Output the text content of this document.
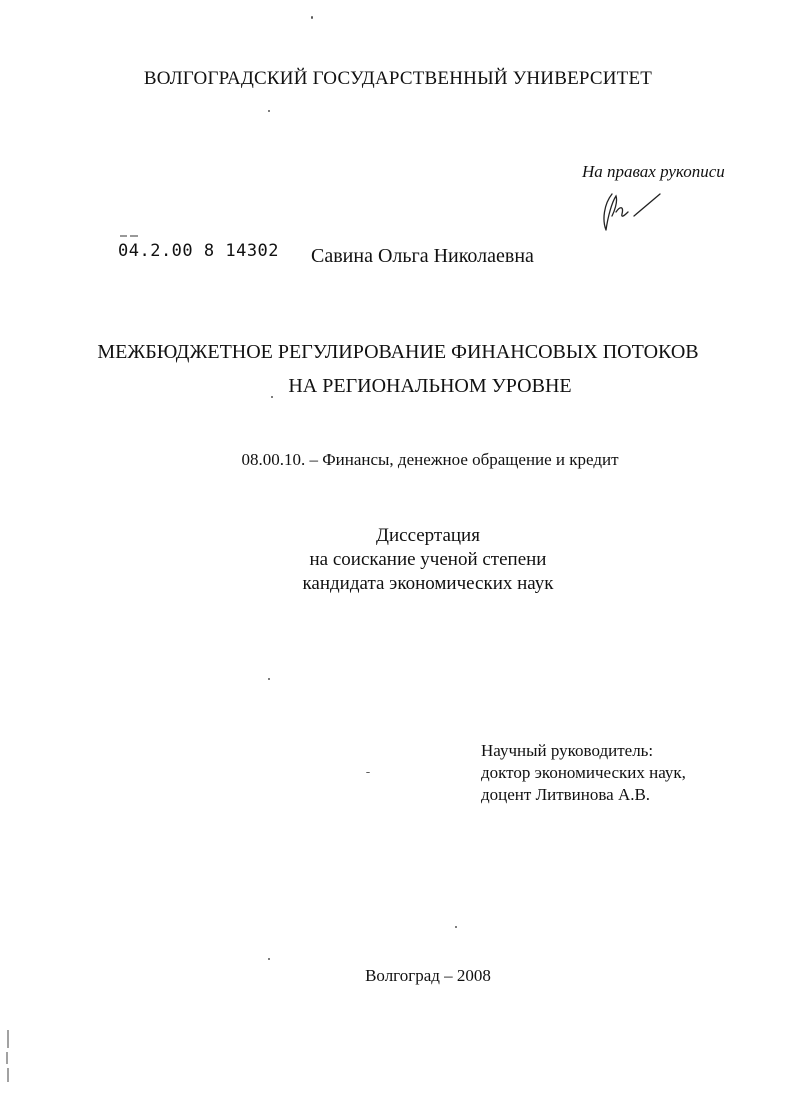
ВОЛГОГРАДСКИЙ ГОСУДАРСТВЕННЫЙ УНИВЕРСИТЕТ
На правах рукописи
04.2.00 8 14302 Савина Ольга Николаевна
МЕЖБЮДЖЕТНОЕ РЕГУЛИРОВАНИЕ ФИНАНСОВЫХ ПОТОКОВ
НА РЕГИОНАЛЬНОМ УРОВНЕ
08.00.10. – Финансы, денежное обращение и кредит
Диссертация
на соискание ученой степени
кандидата экономических наук
Научный руководитель:
доктор экономических наук,
доцент Литвинова А.В.
Волгоград – 2008
